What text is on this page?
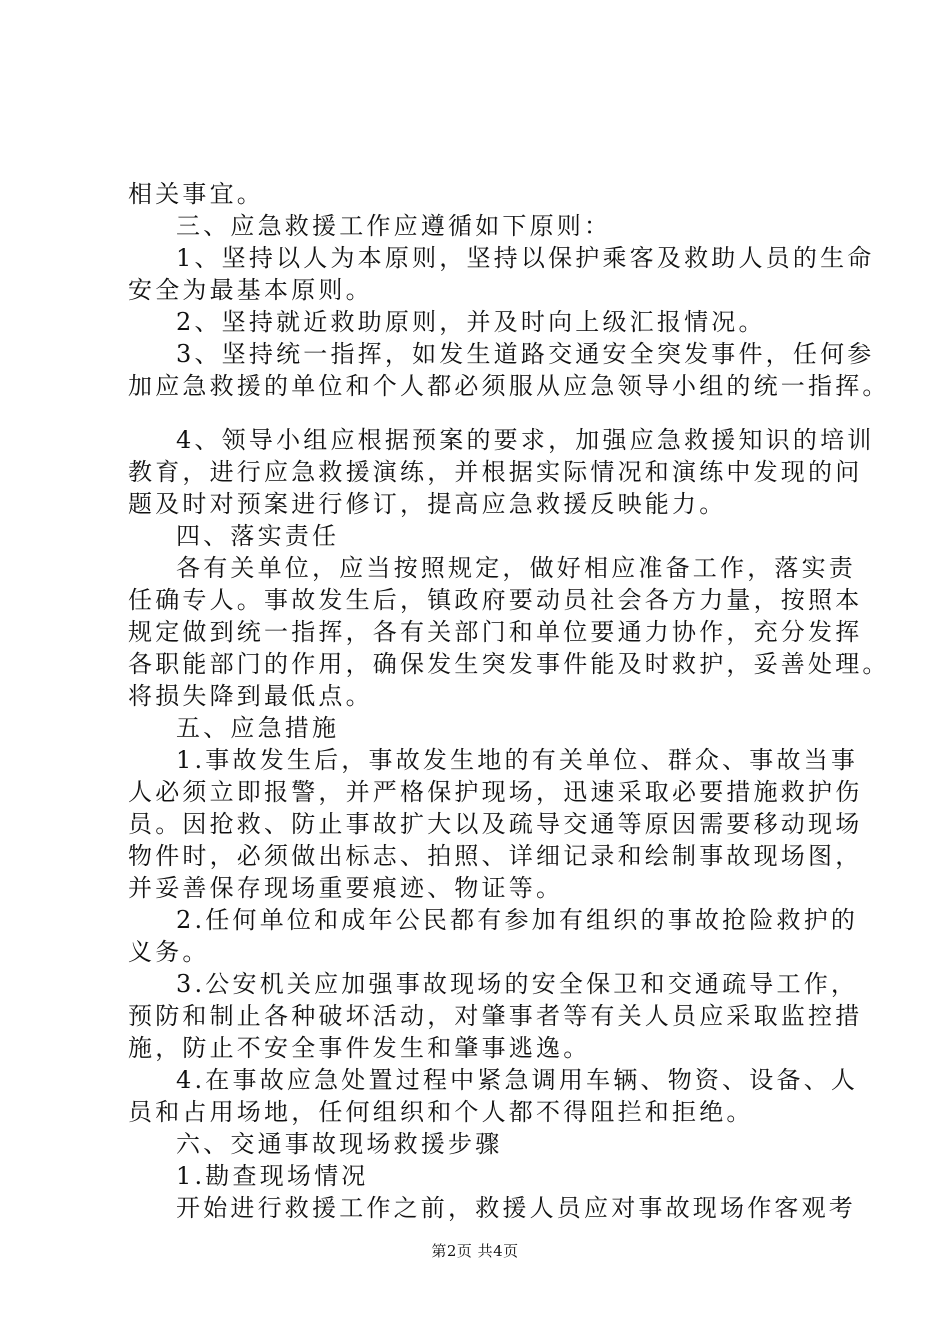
相关事宜。
三、应急救援工作应遵循如下原则：
1、坚持以人为本原则，坚持以保护乘客及救助人员的生命
安全为最基本原则。
2、坚持就近救助原则，并及时向上级汇报情况。
3、坚持统一指挥，如发生道路交通安全突发事件，任何参
加应急救援的单位和个人都必须服从应急领导小组的统一指挥。
4、领导小组应根据预案的要求，加强应急救援知识的培训
教育，进行应急救援演练，并根据实际情况和演练中发现的问
题及时对预案进行修订，提高应急救援反映能力。
四、落实责任
各有关单位，应当按照规定，做好相应准备工作，落实责
任确专人。事故发生后，镇政府要动员社会各方力量，按照本
规定做到统一指挥，各有关部门和单位要通力协作，充分发挥
各职能部门的作用，确保发生突发事件能及时救护，妥善处理。
将损失降到最低点。
五、应急措施
1.事故发生后，事故发生地的有关单位、群众、事故当事
人必须立即报警，并严格保护现场，迅速采取必要措施救护伤
员。因抢救、防止事故扩大以及疏导交通等原因需要移动现场
物件时，必须做出标志、拍照、详细记录和绘制事故现场图，
并妥善保存现场重要痕迹、物证等。
2.任何单位和成年公民都有参加有组织的事故抢险救护的
义务。
3.公安机关应加强事故现场的安全保卫和交通疏导工作，
预防和制止各种破坏活动，对肇事者等有关人员应采取监控措
施，防止不安全事件发生和肇事逃逸。
4.在事故应急处置过程中紧急调用车辆、物资、设备、人
员和占用场地，任何组织和个人都不得阻拦和拒绝。
六、交通事故现场救援步骤
1.勘查现场情况
开始进行救援工作之前，救援人员应对事故现场作客观考
第2页 共4页
